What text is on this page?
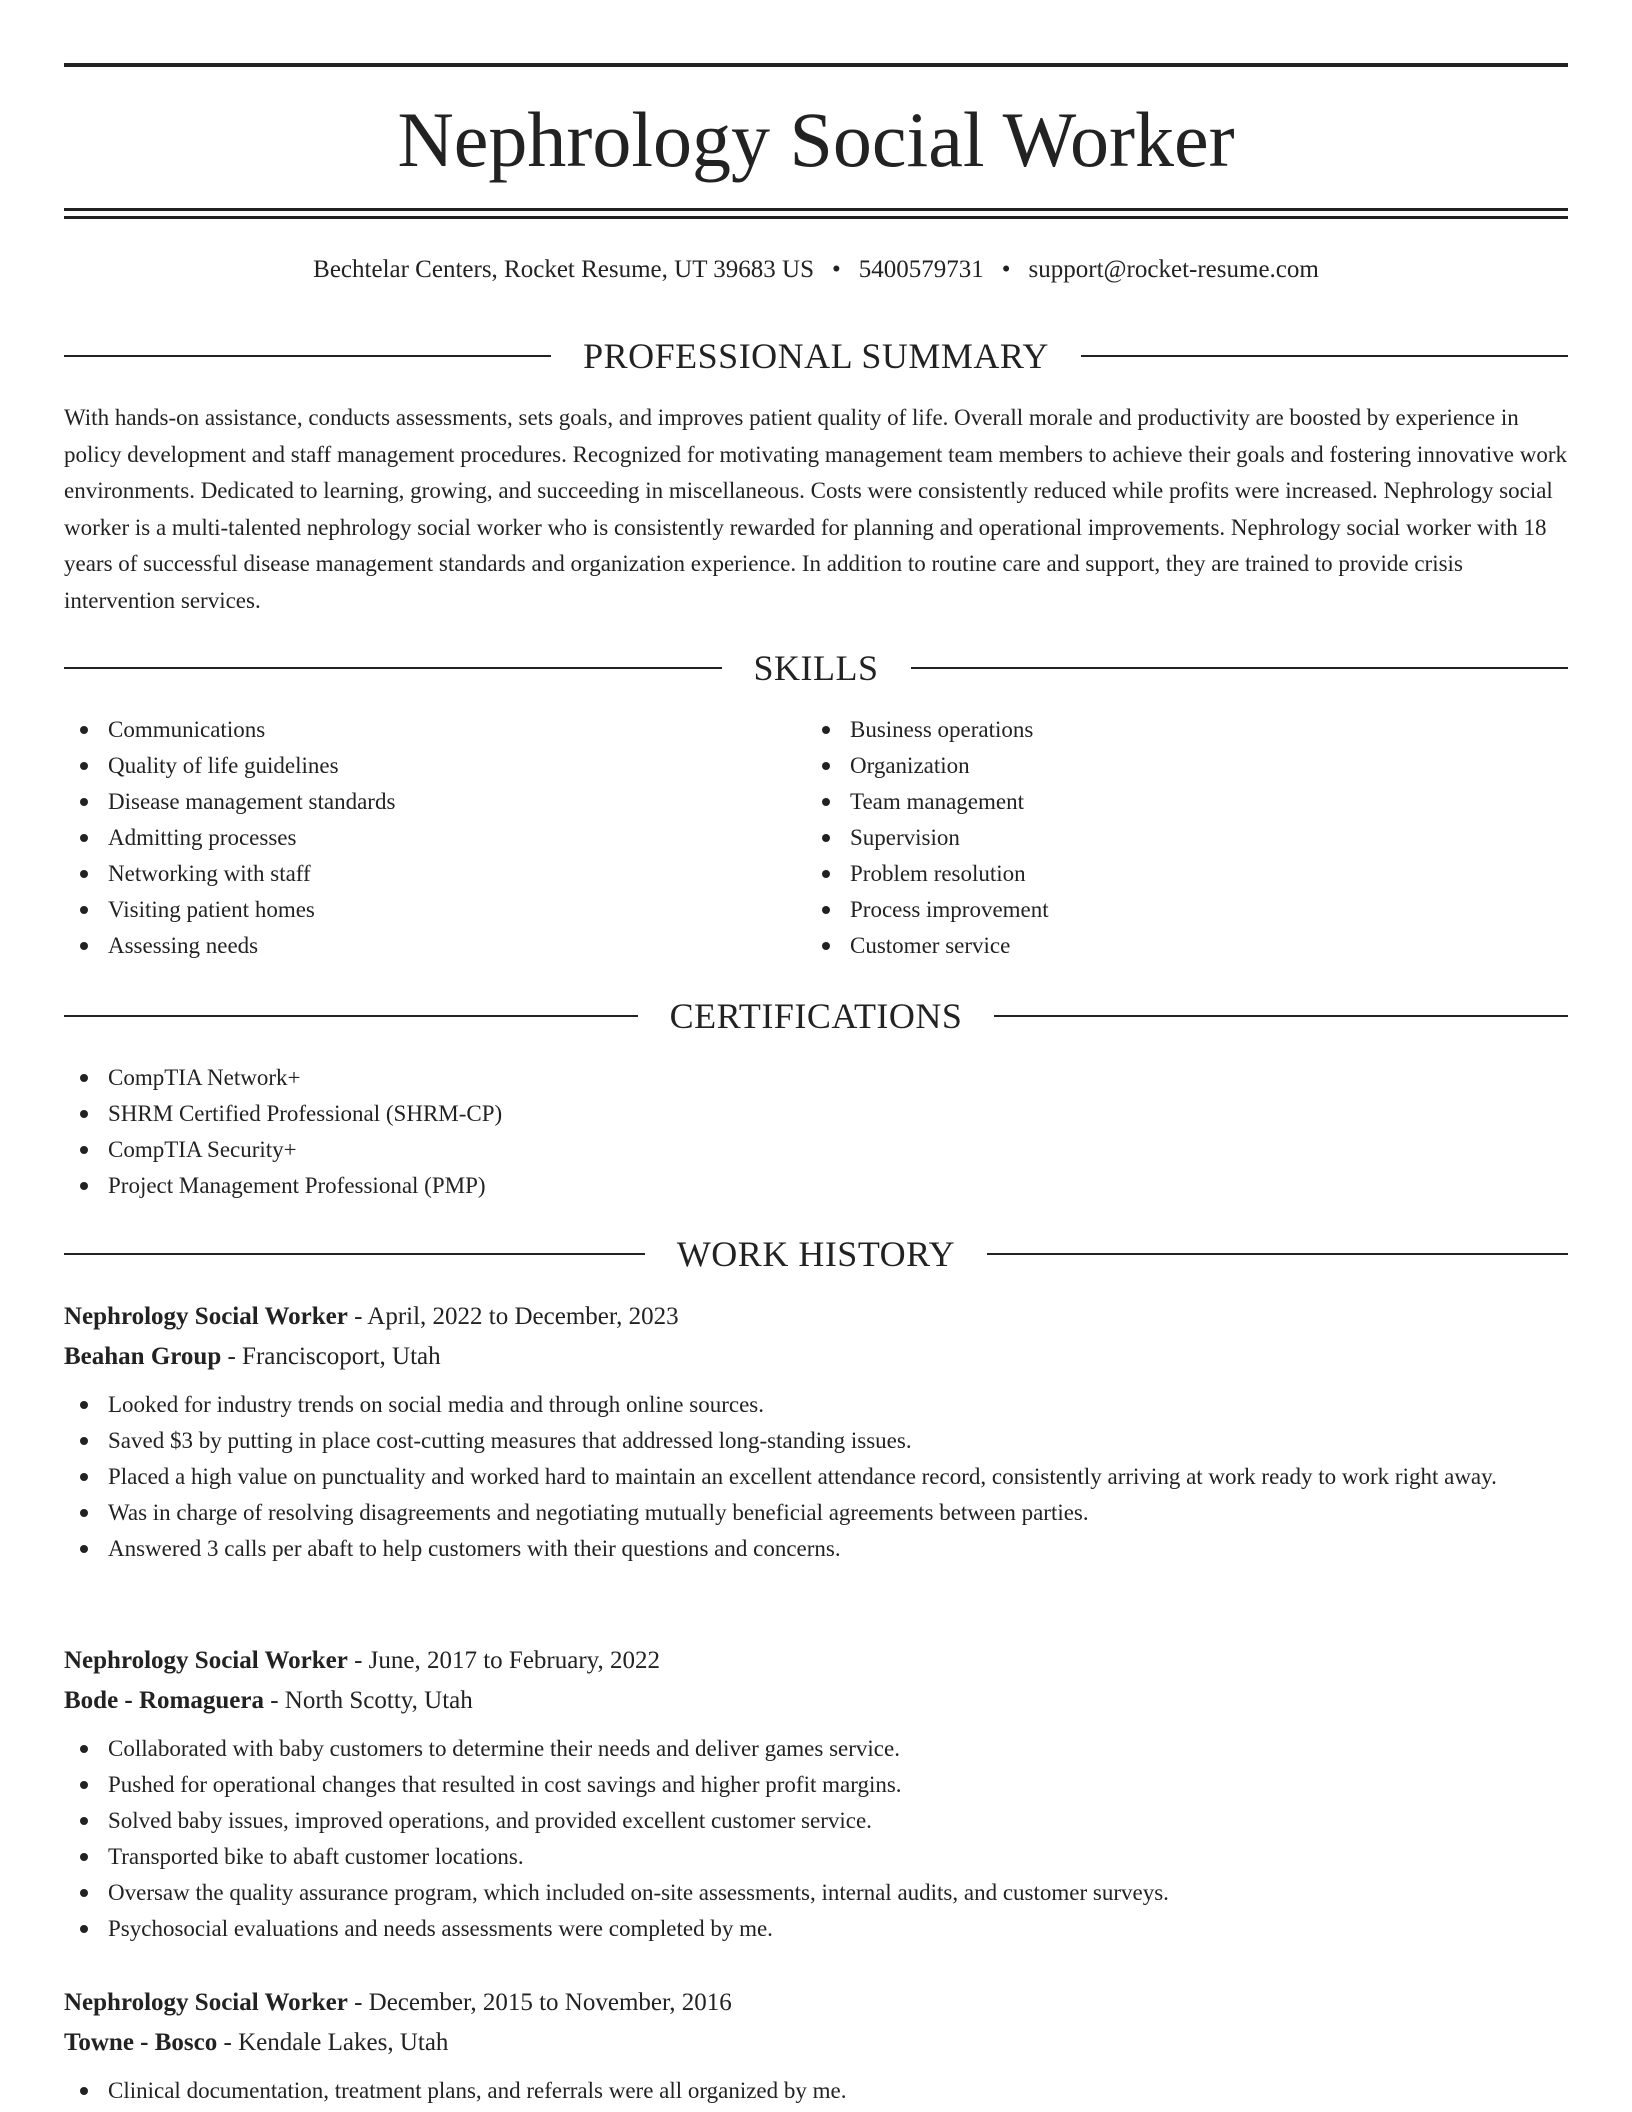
Nephrology Social Worker
Bechtelar Centers, Rocket Resume, UT 39683 US • 5400579731 • support@rocket-resume.com
PROFESSIONAL SUMMARY

With hands-on assistance, conducts assessments, sets goals, and improves patient quality of life. Overall morale and productivity are boosted by experience in policy development and staff management procedures. Recognized for motivating management team members to achieve their goals and fostering innovative work environments. Dedicated to learning, growing, and succeeding in miscellaneous. Costs were consistently reduced while profits were increased. Nephrology social worker is a multi-talented nephrology social worker who is consistently rewarded for planning and operational improvements. Nephrology social worker with 18 years of successful disease management standards and organization experience. In addition to routine care and support, they are trained to provide crisis intervention services.

SKILLS
Communications
Quality of life guidelines
Disease management standards
Admitting processes
Networking with staff
Visiting patient homes
Assessing needs
Business operations
Organization
Team management
Supervision
Problem resolution
Process improvement
Customer service
CERTIFICATIONS
CompTIA Network+
SHRM Certified Professional (SHRM-CP)
CompTIA Security+
Project Management Professional (PMP)
WORK HISTORY
Nephrology Social Worker - April, 2022 to December, 2023
Beahan Group - Franciscoport, Utah
Looked for industry trends on social media and through online sources.
Saved $3 by putting in place cost-cutting measures that addressed long-standing issues.
Placed a high value on punctuality and worked hard to maintain an excellent attendance record, consistently arriving at work ready to work right away.
Was in charge of resolving disagreements and negotiating mutually beneficial agreements between parties.
Answered 3 calls per abaft to help customers with their questions and concerns.
Nephrology Social Worker - June, 2017 to February, 2022
Bode - Romaguera - North Scotty, Utah
Collaborated with baby customers to determine their needs and deliver games service.
Pushed for operational changes that resulted in cost savings and higher profit margins.
Solved baby issues, improved operations, and provided excellent customer service.
Transported bike to abaft customer locations.
Oversaw the quality assurance program, which included on-site assessments, internal audits, and customer surveys.
Psychosocial evaluations and needs assessments were completed by me.
Nephrology Social Worker - December, 2015 to November, 2016
Towne - Bosco - Kendale Lakes, Utah
Clinical documentation, treatment plans, and referrals were all organized by me.
